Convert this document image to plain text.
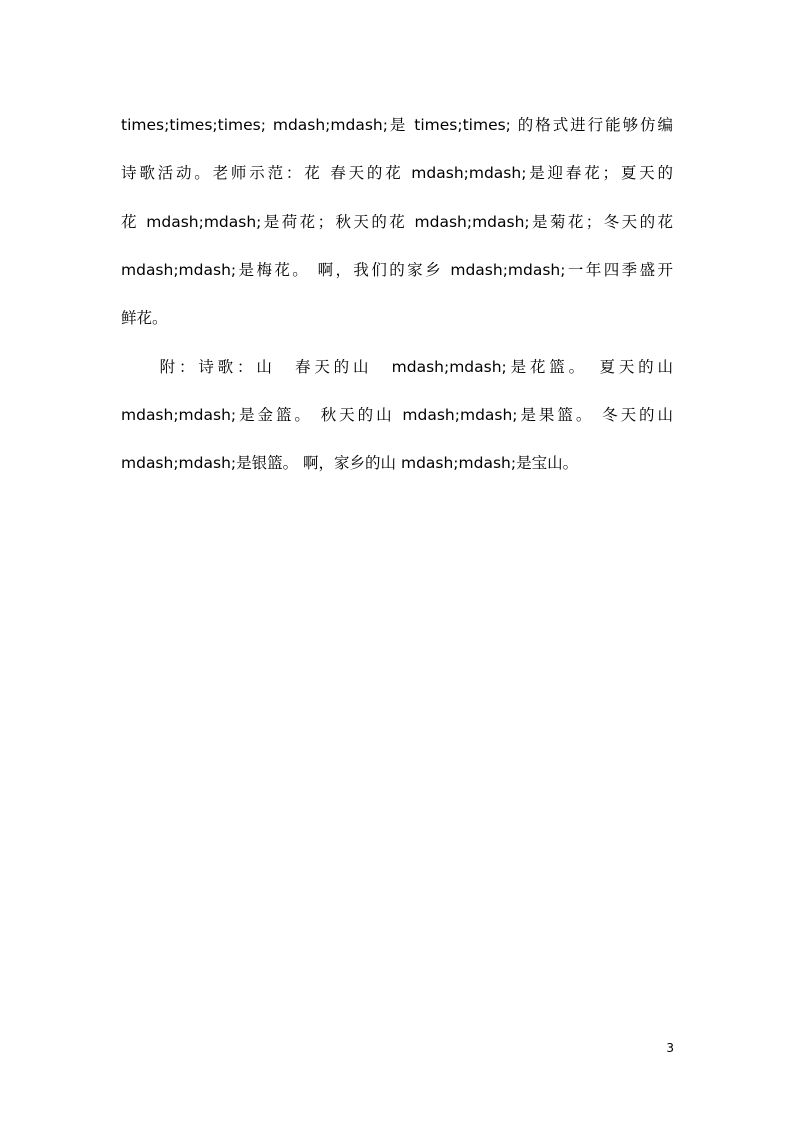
times;times;times; mdash;mdash;是 times;times; 的格式进行能够仿编

诗歌活动。老师示范：花 春天的花 mdash;mdash;是迎春花；夏天的

花 mdash;mdash;是荷花；秋天的花 mdash;mdash;是菊花；冬天的花

mdash;mdash;是梅花。 啊，我们的家乡 mdash;mdash;一年四季盛开

鲜花。

　　附：诗歌：山　春天的山　mdash;mdash;是花篮。　夏天的山

mdash;mdash;是金篮。 秋天的山 mdash;mdash;是果篮。 冬天的山

mdash;mdash;是银篮。 啊，家乡的山 mdash;mdash;是宝山。

3
